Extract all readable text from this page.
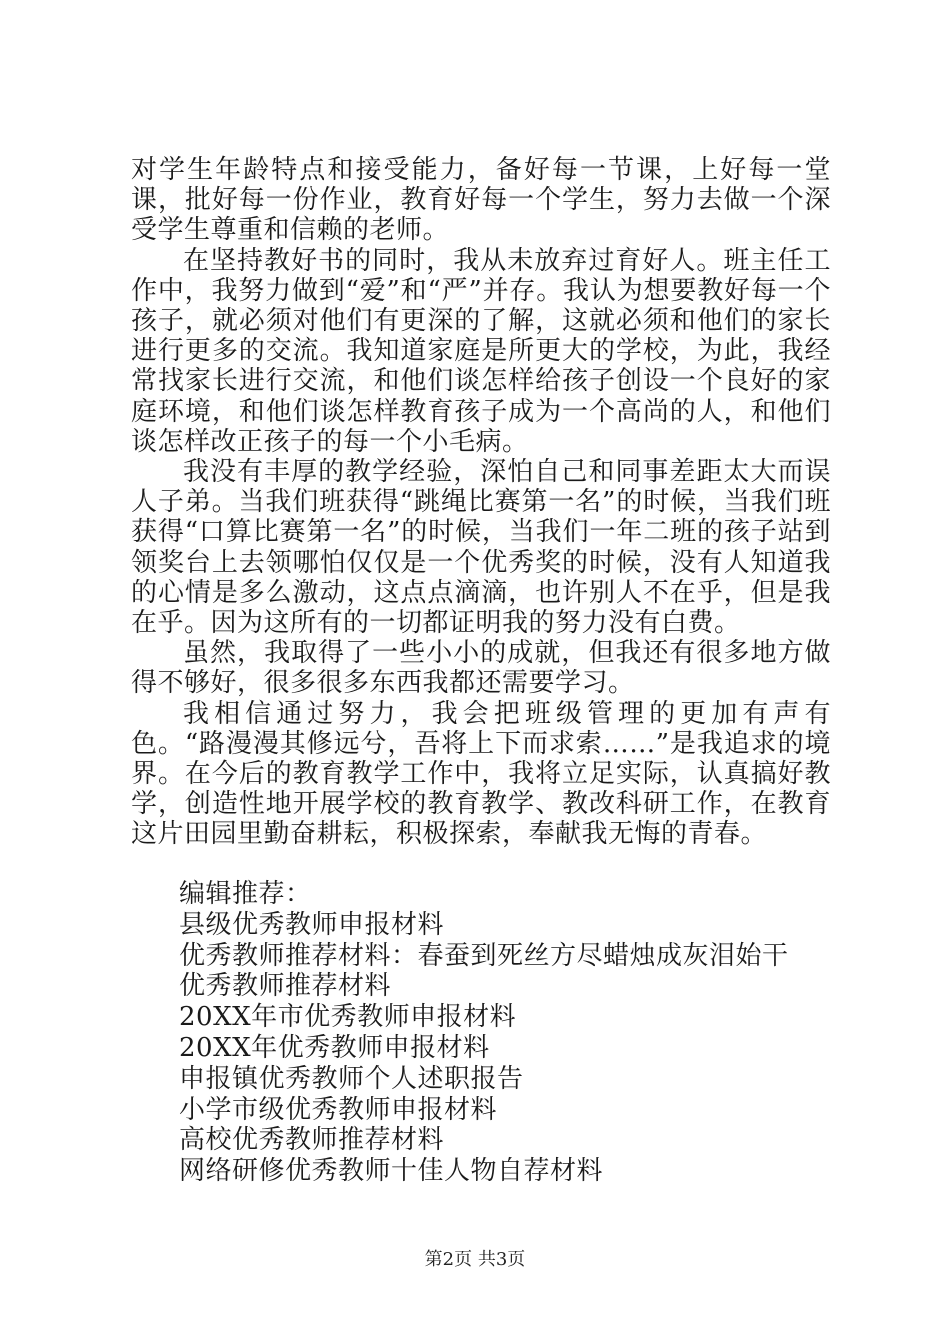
对学生年龄特点和接受能力，备好每一节课，上好每一堂课，批好每一份作业，教育好每一个学生，努力去做一个深受学生尊重和信赖的老师。

在坚持教好书的同时，我从未放弃过育好人。班主任工作中，我努力做到“爱”和“严”并存。我认为想要教好每一个孩子，就必须对他们有更深的了解，这就必须和他们的家长进行更多的交流。我知道家庭是所更大的学校，为此，我经常找家长进行交流，和他们谈怎样给孩子创设一个良好的家庭环境，和他们谈怎样教育孩子成为一个高尚的人，和他们谈怎样改正孩子的每一个小毛病。

我没有丰厚的教学经验，深怕自己和同事差距太大而误人子弟。当我们班获得“跳绳比赛第一名”的时候，当我们班获得“口算比赛第一名”的时候，当我们一年二班的孩子站到领奖台上去领哪怕仅仅是一个优秀奖的时候，没有人知道我的心情是多么激动，这点点滴滴，也许别人不在乎，但是我在乎。因为这所有的一切都证明我的努力没有白费。

虽然，我取得了一些小小的成就，但我还有很多地方做得不够好，很多很多东西我都还需要学习。

我相信通过努力，我会把班级管理的更加有声有色。“路漫漫其修远兮，吾将上下而求索……”是我追求的境界。在今后的教育教学工作中，我将立足实际，认真搞好教学，创造性地开展学校的教育教学、教改科研工作，在教育这片田园里勤奋耕耘，积极探索，奉献我无悔的青春。

编辑推荐：

县级优秀教师申报材料
优秀教师推荐材料：春蚕到死丝方尽蜡烛成灰泪始干
优秀教师推荐材料
20XX年市优秀教师申报材料
20XX年优秀教师申报材料
申报镇优秀教师个人述职报告
小学市级优秀教师申报材料
高校优秀教师推荐材料
网络研修优秀教师十佳人物自荐材料
第2页 共3页
